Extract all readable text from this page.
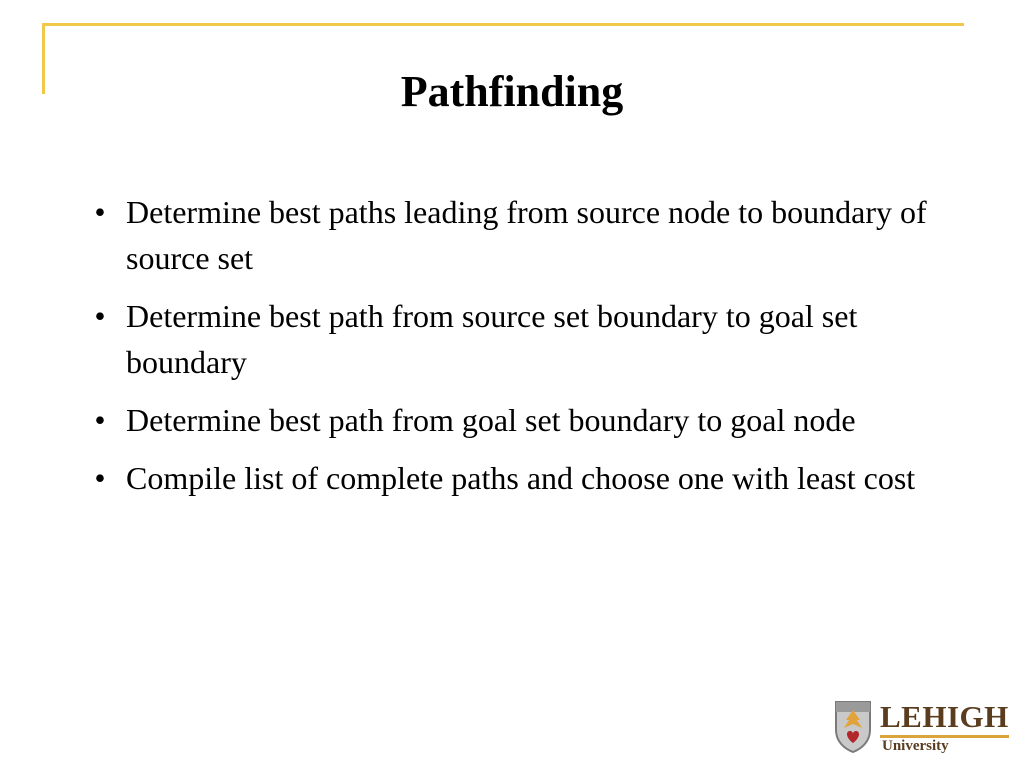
Pathfinding
• Determine best paths leading from source node to boundary of source set
• Determine best path from source set boundary to goal set boundary
• Determine best path from goal set boundary to goal node
• Compile list of complete paths and choose one with least cost
LEHIGH
University
